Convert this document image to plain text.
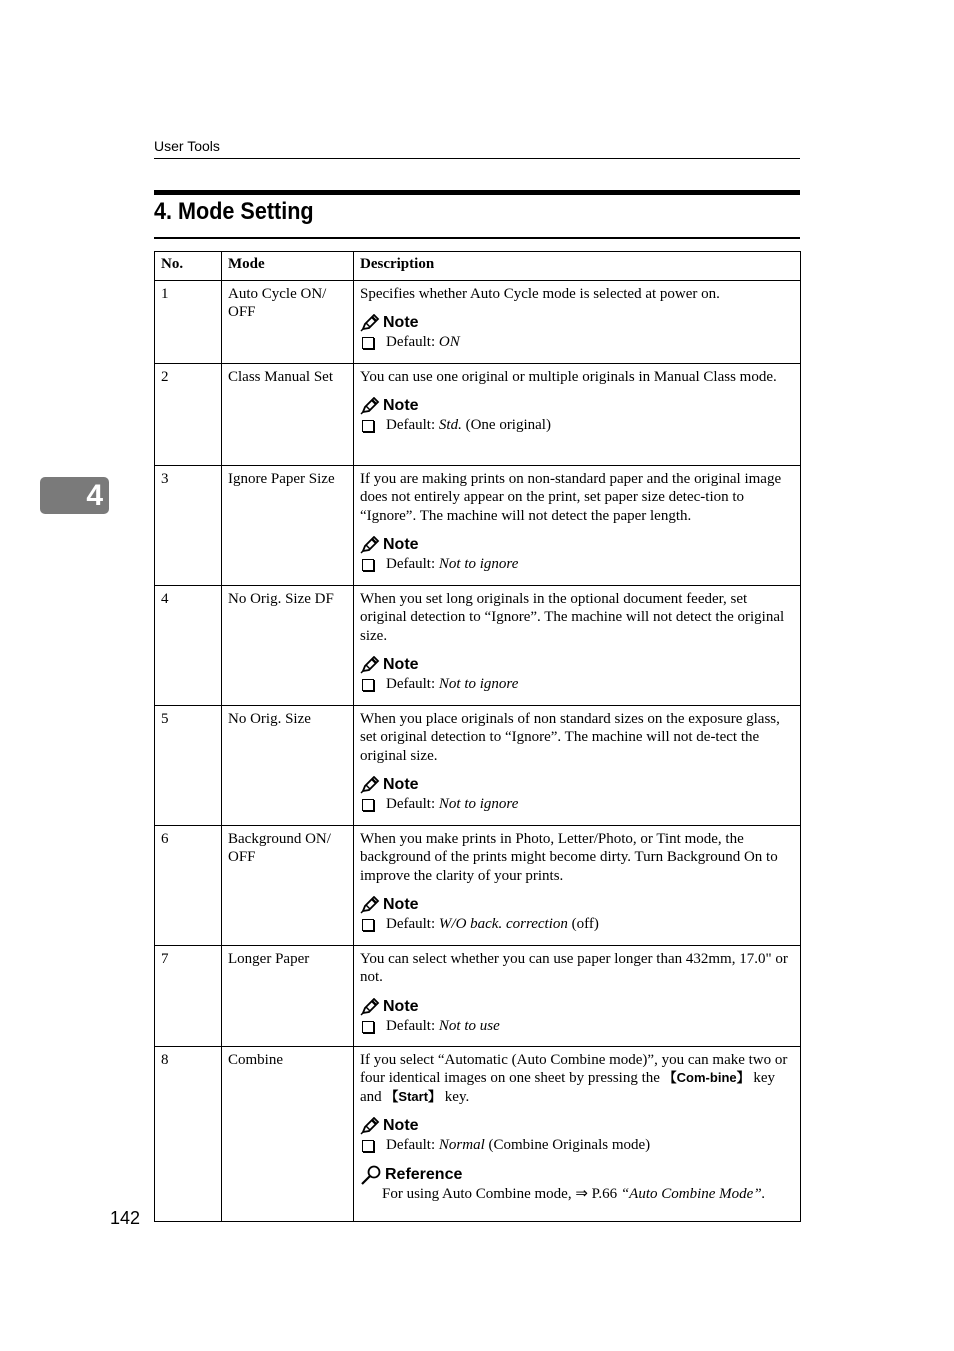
User Tools
4. Mode Setting
4
No.	Mode	Description
1	Auto Cycle ON/ OFF	Specifies whether Auto Cycle mode is selected at power on.
Note
Default: ON

2	Class Manual Set	You can use one original or multiple originals in Manual Class mode.
Note
Default: Std. (One original)

3	Ignore Paper Size	If you are making prints on non-standard paper and the original image does not entirely appear on the print, set paper size detec-tion to “Ignore”. The machine will not detect the paper length.
Note
Default: Not to ignore

4	No Orig. Size DF	When you set long originals in the optional document feeder, set original detection to “Ignore”. The machine will not detect the original size.
Note
Default: Not to ignore

5	No Orig. Size	When you place originals of non standard sizes on the exposure glass, set original detection to “Ignore”. The machine will not de-tect the original size.
Note
Default: Not to ignore

6	Background ON/ OFF	When you make prints in Photo, Letter/Photo, or Tint mode, the background of the prints might become dirty. Turn Background On to improve the clarity of your prints.
Note
Default: W/O back. correction (off)

7	Longer Paper	You can select whether you can use paper longer than 432mm, 17.0" or not.
Note
Default: Not to use

8	Combine	If you select “Automatic (Auto Combine mode)”, you can make two or four identical images on one sheet by pressing the 【Com-bine】 key and 【Start】 key.
Note
Default: Normal (Combine Originals mode)
Reference
For using Auto Combine mode, ⇒ P.66 “Auto Combine Mode”.
142
